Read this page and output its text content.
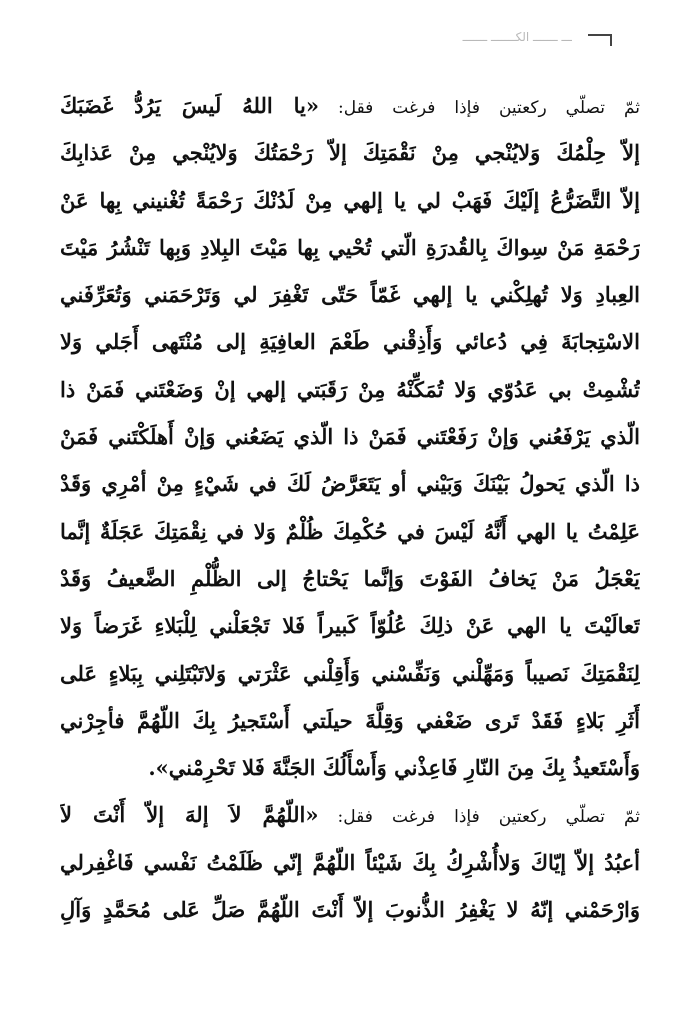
ـــ ـــــــ الكـــــــ ـــــــ
ثمّ تصلّي ركعتين فإذا فرغت فقل: «يا اللهُ لَيسَ يَرُدُّ غَضَبَكَ
إلاّ حِلْمُكَ وَلايُنْجي مِنْ نَقْمَتِكَ إلاّ رَحْمَتُكَ وَلايُنْجي مِنْ عَذابِكَ
إلاّ التَّضَرُّعُ إلَيْكَ فَهَبْ لي يا إلهي مِنْ لَدُنْكَ رَحْمَةً تُغْنيني بِها عَنْ
رَحْمَةِ مَنْ سِواكَ بِالقُدرَةِ الّتي تُحْيي بِها مَيْتَ البِلادِ وَبِها تَنْشُرُ مَيْتَ
العِبادِ وَلا تُهلِكْني يا إلهي غَمّاً حَتّى تَغْفِرَ لي وَتَرْحَمَني وَتُعَرِّفَني
الاسْتِجابَةَ فِي دُعائي وَأَذِقْني طَعْمَ العافِيَةِ إلى مُنْتَهى أَجَلي وَلا
تُشْمِتْ بي عَدُوّي وَلا تُمَكِّنْهُ مِنْ رَقَبَتي إلهي إنْ وَضَعْتَني فَمَنْ ذا
الّذي يَرْفَعُني وَإنْ رَفَعْتَني فَمَنْ ذا الّذي يَضَعُني وَإنْ أَهلَكْتَني فَمَنْ
ذا الّذي يَحولُ بَيْنَكَ وَبَيْني أو يَتَعَرَّضُ لَكَ في شَيْءٍ مِنْ أمْرِي وَقَدْ
عَلِمْتُ يا الهي أَنَّهُ لَيْسَ في حُكْمِكَ ظُلْمٌ وَلا في نِقْمَتِكَ عَجَلَةٌ إنَّما
يَعْجَلُ مَنْ يَخافُ الفَوْتَ وَإنَّما يَحْتاجُ إلى الظُّلْمِ الضَّعيفُ وَقَدْ
تَعالَيْتَ يا الهي عَنْ ذلِكَ عُلُوّاً كَبيراً فَلا تَجْعَلْني لِلْبَلاءِ غَرَضاً وَلا
لِنَقْمَتِكَ نَصيباً وَمَهِّلْني وَنَفِّسْني وَأَقِلْني عَثْرَتي وَلاتَبْتَلِني بِبَلاءٍ عَلى
أَثَرِ بَلاءٍ فَقَدْ تَرى ضَعْفي وَقِلَّةَ حيلَتي أَسْتَجيرُ بِكَ اللّهُمَّ فأجِرْني
وَأَسْتَعيذُ بِكَ مِنَ النّارِ فَاعِذْني وَأَسْأَلُكَ الجَنَّةَ فَلا تَحْرِمْني».
ثمّ تصلّي ركعتين فإذا فرغت فقل: «اللّهُمَّ لاَ إلهَ إلاّ أَنْتَ لاَ
أعبُدُ إلاّ إيّاكَ وَلاأُشْرِكُ بِكَ شَيْئاً اللّهُمَّ إنّي ظَلَمْتُ نَفْسي فَاغْفِرلي
وَارْحَمْني إنّهُ لا يَغْفِرُ الذُّنوبَ إلاّ أَنْتَ اللّهُمَّ صَلِّ عَلى مُحَمَّدٍ وَآلِ
